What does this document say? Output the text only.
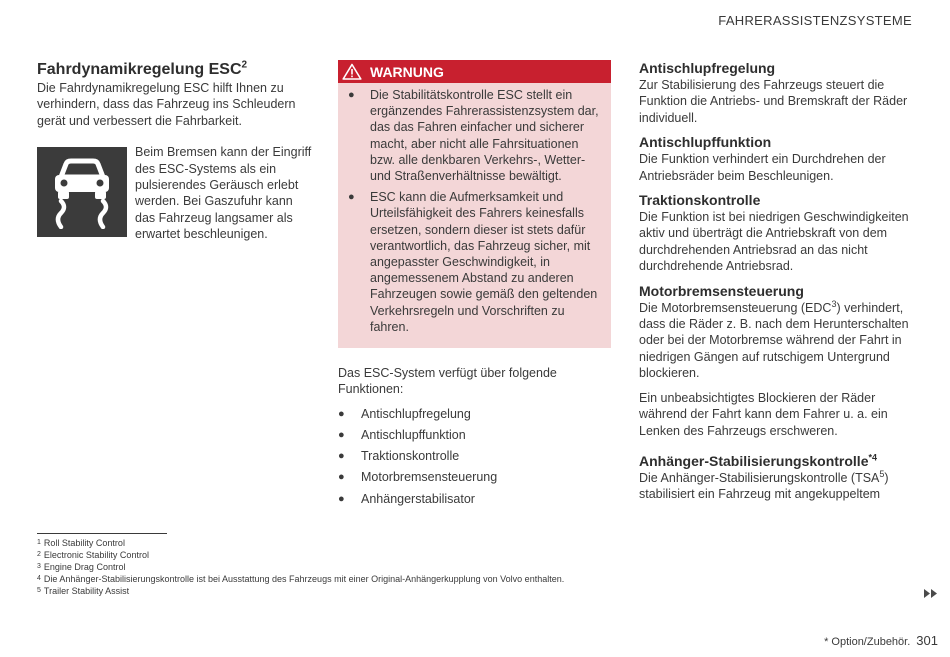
FAHRERASSISTENZSYSTEME
Fahrdynamikregelung ESC$^2$

Die Fahrdynamikregelung ESC hilft Ihnen zu verhindern, dass das Fahrzeug ins Schleudern gerät und verbessert die Fahrbarkeit.

Beim Bremsen kann der Eingriff des ESC-Systems als ein pulsierendes Geräusch erlebt werden. Bei Gaszufuhr kann das Fahrzeug langsamer als erwartet beschleunigen.

WARNUNG
● Die Stabilitätskontrolle ESC stellt ein ergänzendes Fahrerassistenzsystem dar, das das Fahren einfacher und sicherer macht, aber nicht alle Fahrsituationen bzw. alle denkbaren Verkehrs-, Wetter- und Straßenverhältnisse bewältigt.
● ESC kann die Aufmerksamkeit und Urteilsfähigkeit des Fahrers keinesfalls ersetzen, sondern dieser ist stets dafür verantwortlich, das Fahrzeug sicher, mit angepasster Geschwindigkeit, in angemessenem Abstand zu anderen Fahrzeugen sowie gemäß den geltenden Verkehrsregeln und Vorschriften zu fahren.

Das ESC-System verfügt über folgende Funktionen:

● Antischlupfregelung
● Antischlupffunktion
● Traktionskontrolle
● Motorbremsensteuerung
● Anhängerstabilisator
Antischlupfregelung

Zur Stabilisierung des Fahrzeugs steuert die Funktion die Antriebs- und Bremskraft der Räder individuell.

Antischlupffunktion

Die Funktion verhindert ein Durchdrehen der Antriebsräder beim Beschleunigen.

Traktionskontrolle

Die Funktion ist bei niedrigen Geschwindigkeiten aktiv und überträgt die Antriebskraft von dem durchdrehenden Antriebsrad an das nicht durchdrehende Antriebsrad.

Motorbremsensteuerung

Die Motorbremsensteuerung (EDC$^3$) verhindert, dass die Räder z. B. nach dem Herunterschalten oder bei der Motorbremse während der Fahrt in niedrigen Gängen auf rutschigem Untergrund blockieren.

Ein unbeabsichtigtes Blockieren der Räder während der Fahrt kann dem Fahrer u. a. ein Lenken des Fahrzeugs erschweren.

Anhänger-Stabilisierungskontrolle$^{*4}$

Die Anhänger-Stabilisierungskontrolle (TSA$^5$) stabilisiert ein Fahrzeug mit angekuppeltem

$^1$ Roll Stability Control
$^2$ Electronic Stability Control
$^3$ Engine Drag Control
$^4$ Die Anhänger-Stabilisierungskontrolle ist bei Ausstattung des Fahrzeugs mit einer Original-Anhängerkupplung von Volvo enthalten.
$^5$ Trailer Stability Assist
* Option/Zubehör. 301
